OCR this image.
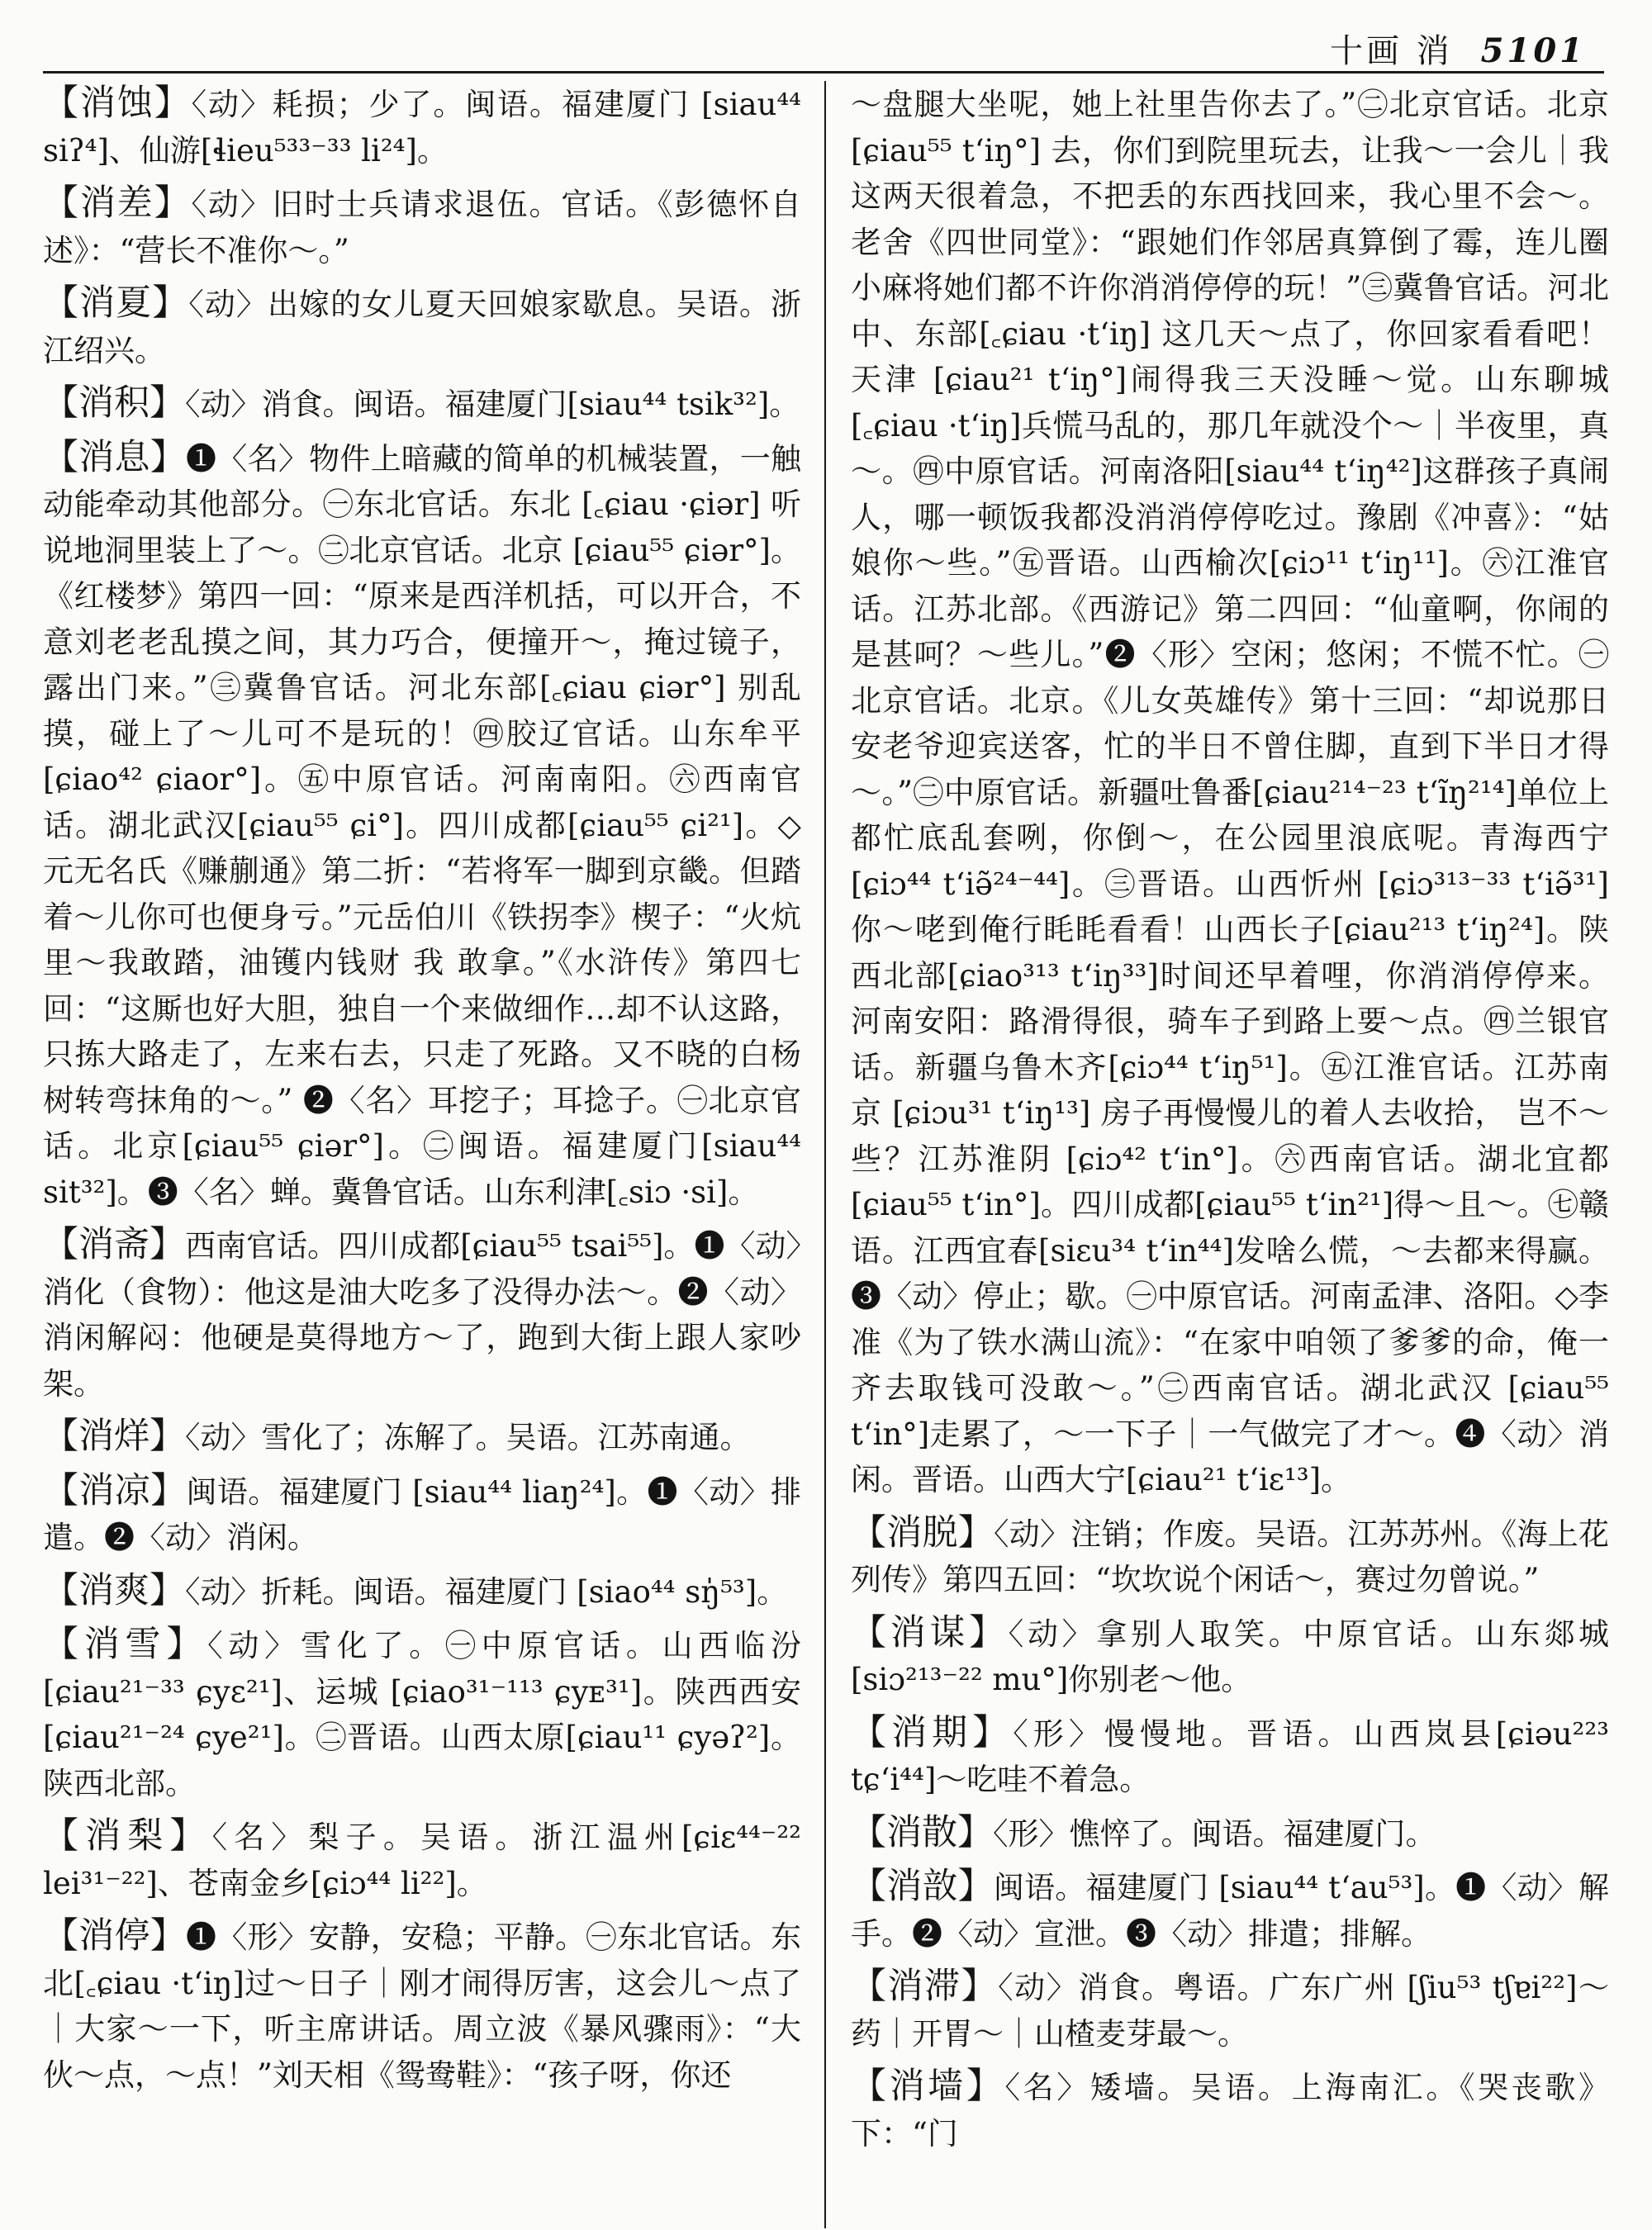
十画 消 5101

【消蚀】〈动〉耗损；少了。闽语。福建厦门 [siau⁴⁴ siʔ⁴]、仙游[ɬieu⁵³³⁻³³ li²⁴]。

【消差】〈动〉旧时士兵请求退伍。官话。《彭德怀自述》：“营长不准你～。”

【消夏】〈动〉出嫁的女儿夏天回娘家歇息。吴语。浙江绍兴。

【消积】〈动〉消食。闽语。福建厦门[siau⁴⁴ tsik³²]。

【消息】❶〈名〉物件上暗藏的简单的机械装置，一触动能牵动其他部分。㊀东北官话。东北 [꜀ɕiau ·ɕiər] 听说地洞里装上了～。㊁北京官话。北京 [ɕiau⁵⁵ ɕiər°]。《红楼梦》第四一回：“原来是西洋机括，可以开合，不意刘老老乱摸之间，其力巧合，便撞开～，掩过镜子，露出门来。”㊂冀鲁官话。河北东部[꜀ɕiau ɕiər°] 别乱摸，碰上了～儿可不是玩的！㊃胶辽官话。山东牟平[ɕiao⁴² ɕiaor°]。㊄中原官话。河南南阳。㊅西南官话。湖北武汉[ɕiau⁵⁵ ɕi°]。四川成都[ɕiau⁵⁵ ɕi²¹]。◇元无名氏《赚蒯通》第二折：“若将军一脚到京畿。但踏着～儿你可也便身亏。”元岳伯川《铁拐李》楔子：“火炕里～我敢踏，油镬内钱财 我 敢拿。”《水浒传》第四七回：“这厮也好大胆，独自一个来做细作…却不认这路，只拣大路走了，左来右去，只走了死路。又不晓的白杨树转弯抹角的～。” ❷〈名〉耳挖子；耳捻子。㊀北京官话。北京[ɕiau⁵⁵ ɕiər°]。㊁闽语。福建厦门[siau⁴⁴ sit³²]。❸〈名〉蝉。冀鲁官话。山东利津[꜀siɔ ·si]。

【消斋】西南官话。四川成都[ɕiau⁵⁵ tsai⁵⁵]。❶〈动〉消化（食物）：他这是油大吃多了没得办法～。❷〈动〉消闲解闷：他硬是莫得地方～了，跑到大街上跟人家吵架。

【消烊】〈动〉雪化了；冻解了。吴语。江苏南通。

【消凉】闽语。福建厦门 [siau⁴⁴ liaŋ²⁴]。❶〈动〉排遣。❷〈动〉消闲。

【消爽】〈动〉折耗。闽语。福建厦门 [siao⁴⁴ sŋ̍⁵³]。

【消雪】〈动〉雪化了。㊀中原官话。山西临汾 [ɕiau²¹⁻³³ ɕyɛ²¹]、运城 [ɕiao³¹⁻¹¹³ ɕyᴇ³¹]。陕西西安[ɕiau²¹⁻²⁴ ɕye²¹]。㊁晋语。山西太原[ɕiau¹¹ ɕyəʔ²]。陕西北部。

【消梨】〈名〉梨子。吴语。浙江温州[ɕiɛ⁴⁴⁻²² lei³¹⁻²²]、苍南金乡[ɕiɔ⁴⁴ li²²]。

【消停】❶〈形〉安静，安稳；平静。㊀东北官话。东北[꜀ɕiau ·t‘iŋ]过～日子｜刚才闹得厉害，这会儿～点了｜大家～一下，听主席讲话。周立波《暴风骤雨》：“大伙～点，～点！”刘天相《鸳鸯鞋》：“孩子呀，你还

～盘腿大坐呢，她上社里告你去了。”㊁北京官话。北京[ɕiau⁵⁵ t‘iŋ°] 去，你们到院里玩去，让我～一会儿｜我这两天很着急，不把丢的东西找回来，我心里不会～。老舍《四世同堂》：“跟她们作邻居真算倒了霉，连儿圈小麻将她们都不许你消消停停的玩！”㊂冀鲁官话。河北中、东部[꜀ɕiau ·t‘iŋ] 这几天～点了，你回家看看吧！天津 [ɕiau²¹ t‘iŋ°]闹得我三天没睡～觉。山东聊城 [꜀ɕiau ·t‘iŋ]兵慌马乱的，那几年就没个～｜半夜里，真～。㊃中原官话。河南洛阳[siau⁴⁴ t‘iŋ⁴²]这群孩子真闹人，哪一顿饭我都没消消停停吃过。豫剧《冲喜》：“姑娘你～些。”㊄晋语。山西榆次[ɕiɔ¹¹ t‘iŋ¹¹]。㊅江淮官话。江苏北部。《西游记》第二四回：“仙童啊，你闹的是甚呵？～些儿。”❷〈形〉空闲；悠闲；不慌不忙。㊀北京官话。北京。《儿女英雄传》第十三回：“却说那日安老爷迎宾送客，忙的半日不曾住脚，直到下半日才得～。”㊁中原官话。新疆吐鲁番[ɕiau²¹⁴⁻²³ t‘ĩŋ²¹⁴]单位上都忙底乱套咧，你倒～，在公园里浪底呢。青海西宁[ɕiɔ⁴⁴ t‘iə̃²⁴⁻⁴⁴]。㊂晋语。山西忻州 [ɕiɔ³¹³⁻³³ t‘iə̃³¹]你～咾到俺行眊眊看看！山西长子[ɕiau²¹³ t‘iŋ²⁴]。陕西北部[ɕiao³¹³ t‘iŋ³³]时间还早着哩，你消消停停来。河南安阳：路滑得很，骑车子到路上要～点。㊃兰银官话。新疆乌鲁木齐[ɕiɔ⁴⁴ t‘iŋ⁵¹]。㊄江淮官话。江苏南京 [ɕiɔu³¹ t‘iŋ¹³] 房子再慢慢儿的着人去收拾， 岂不～些？江苏淮阴 [ɕiɔ⁴² t‘in°]。㊅西南官话。湖北宜都[ɕiau⁵⁵ t‘in°]。四川成都[ɕiau⁵⁵ t‘in²¹]得～且～。㊆赣语。江西宜春[siɛu³⁴ t‘in⁴⁴]发啥么慌，～去都来得赢。❸〈动〉停止；歇。㊀中原官话。河南孟津、洛阳。◇李准《为了铁水满山流》：“在家中咱领了爹爹的命，俺一齐去取钱可没敢～。”㊁西南官话。湖北武汉 [ɕiau⁵⁵ t‘in°]走累了，～一下子｜一气做完了才～。❹〈动〉消闲。晋语。山西大宁[ɕiau²¹ t‘iɛ¹³]。

【消脱】〈动〉注销；作废。吴语。江苏苏州。《海上花列传》第四五回：“坎坎说个闲话～，赛过勿曾说。”

【消谋】〈动〉拿别人取笑。中原官话。山东郯城[siɔ²¹³⁻²² mu°]你别老～他。

【消期】〈形〉慢慢地。晋语。山西岚县[ɕiəu²²³ tɕ‘i⁴⁴]～吃哇不着急。

【消散】〈形〉憔悴了。闽语。福建厦门。

【消敨】闽语。福建厦门 [siau⁴⁴ t‘au⁵³]。❶〈动〉解手。❷〈动〉宣泄。❸〈动〉排遣；排解。

【消滞】〈动〉消食。粤语。广东广州 [ʃiu⁵³ tʃɐi²²]～药｜开胃～｜山楂麦芽最～。

【消墙】〈名〉矮墙。吴语。上海南汇。《哭丧歌》下：“门
